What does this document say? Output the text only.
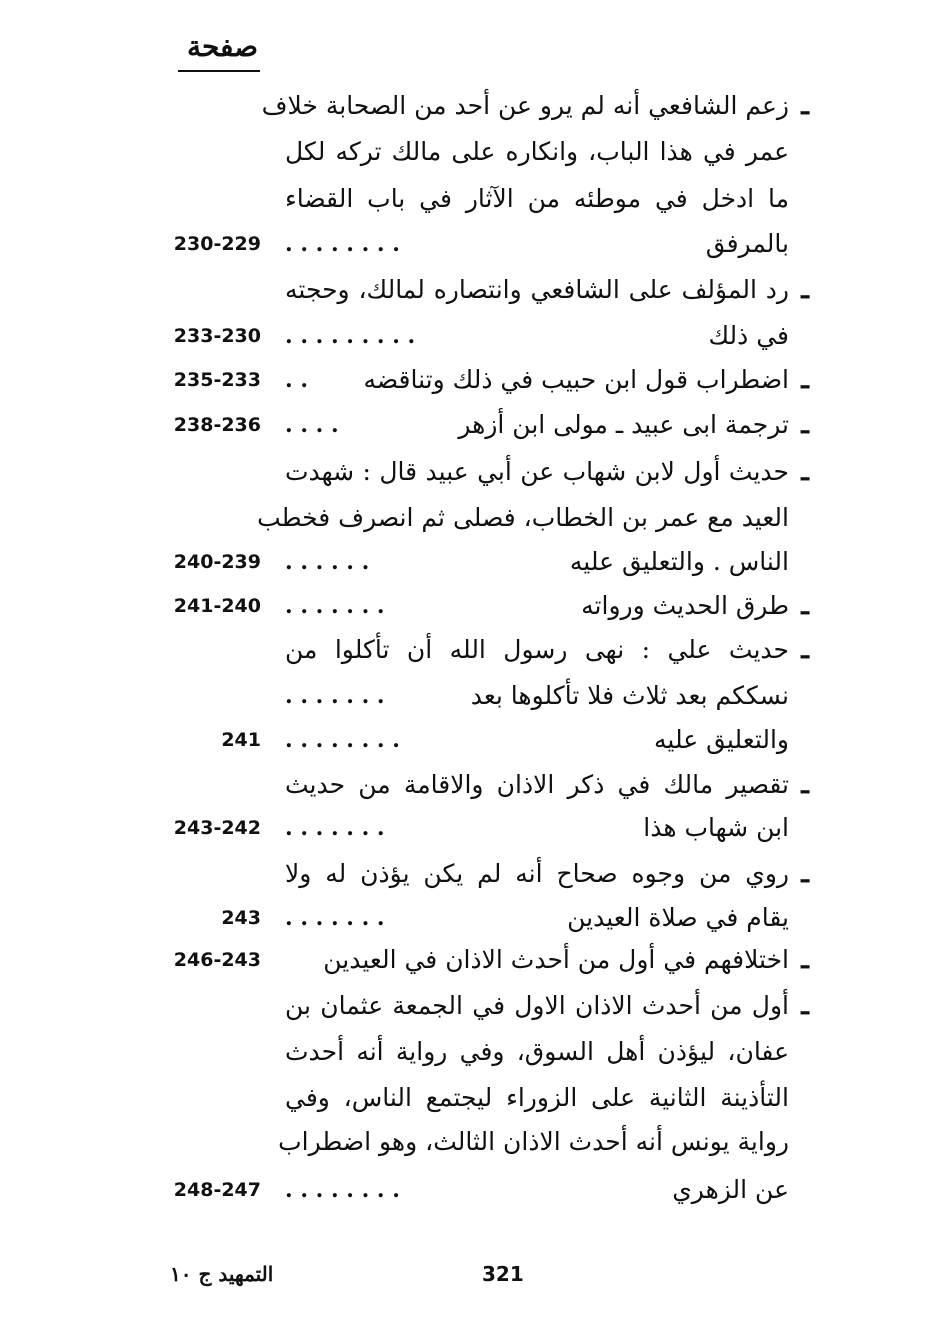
صفحة
ـ
زعم الشافعي أنه لم يرو عن أحد من الصحابة خلاف
عمر في هذا الباب، وانكاره على مالك تركه لكل
ما ادخل في موطئه من الآثار في باب القضاء
بالمرفق
. . . . . . . .
230-229
ـ
رد المؤلف على الشافعي وانتصاره لمالك، وحجته
في ذلك
. . . . . . . . .
233-230
ـ
اضطراب قول ابن حبيب في ذلك وتناقضه
. .
235-233
ـ
ترجمة ابى عبيد ـ مولى ابن أزهر
. . . .
238-236
ـ
حديث أول لابن شهاب عن أبي عبيد قال : شهدت
العيد مع عمر بن الخطاب، فصلى ثم انصرف فخطب
الناس . والتعليق عليه
. . . . . .
240-239
ـ
طرق الحديث ورواته
. . . . . . .
241-240
ـ
حديث علي : نهى رسول الله أن تأكلوا من
نسككم بعد ثلاث فلا تأكلوها بعد
. . . . . . .
والتعليق عليه
. . . . . . . .
241
ـ
تقصير مالك في ذكر الاذان والاقامة من حديث
ابن شهاب هذا
. . . . . . .
243-242
ـ
روي من وجوه صحاح أنه لم يكن يؤذن له ولا
يقام في صلاة العيدين
. . . . . . .
243
ـ
اختلافهم في أول من أحدث الاذان في العيدين
246-243
ـ
أول من أحدث الاذان الاول في الجمعة عثمان بن
عفان، ليؤذن أهل السوق، وفي رواية أنه أحدث
التأذينة الثانية على الزوراء ليجتمع الناس، وفي
رواية يونس أنه أحدث الاذان الثالث، وهو اضطراب
عن الزهري
. . . . . . . .
248-247
التمهيد ج ١٠	321
